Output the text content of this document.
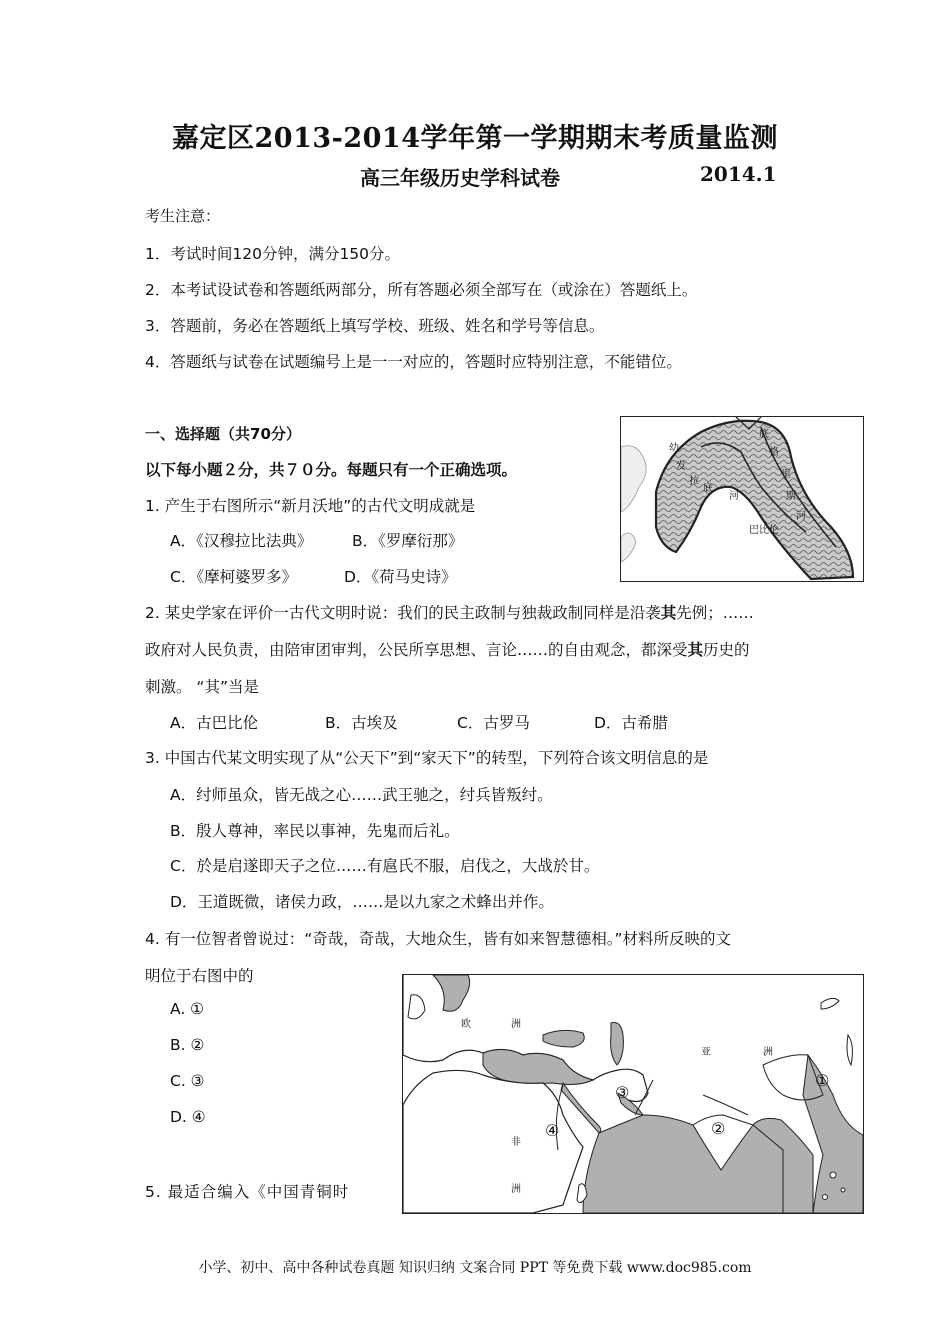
嘉定区2013-2014学年第一学期期末考质量监测
高三年级历史学科试卷	2014.1
考生注意：
1．考试时间120分钟，满分150分。
2．本考试设试卷和答题纸两部分，所有答题必须全部写在（或涂在）答题纸上。
3．答题前，务必在答题纸上填写学校、班级、姓名和学号等信息。
4．答题纸与试卷在试题编号上是一一对应的，答题时应特别注意，不能错位。
一、选择题（共70分）
以下每小题２分，共７０分。每题只有一个正确选项。
1. 产生于右图所示“新月沃地”的古代文明成就是
A．《汉穆拉比法典》	B．《罗摩衍那》
C．《摩柯婆罗多》	D．《荷马史诗》
幼
发
拉
底
河
底
格
里
斯
河
巴比伦
2. 某史学家在评价一古代文明时说：我们的民主政制与独裁政制同样是沿袭其先例；……
政府对人民负责，由陪审团审判，公民所享思想、言论……的自由观念，都深受其历史的
刺激。 “其”当是
A．古巴比伦	B．古埃及	C．古罗马	D．古希腊
3. 中国古代某文明实现了从“公天下”到“家天下”的转型，下列符合该文明信息的是
A．纣师虽众，皆无战之心……武王驰之，纣兵皆叛纣。
B．殷人尊神，率民以事神，先鬼而后礼。
C．於是启遂即天子之位……有扈氏不服，启伐之，大战於甘。
D．王道既微，诸侯力政，……是以九家之术蜂出并作。
4. 有一位智者曾说过：“奇哉，奇哉，大地众生，皆有如来智慧德相。”材料所反映的文
明位于右图中的
A. ①
B. ②
C. ③
D. ④
5. 最适合编入《中国青铜时
欧	洲
亚	洲
非
洲
①
②
③
④
小学、初中、高中各种试卷真题 知识归纳 文案合同 PPT 等免费下载 www.doc985.com
